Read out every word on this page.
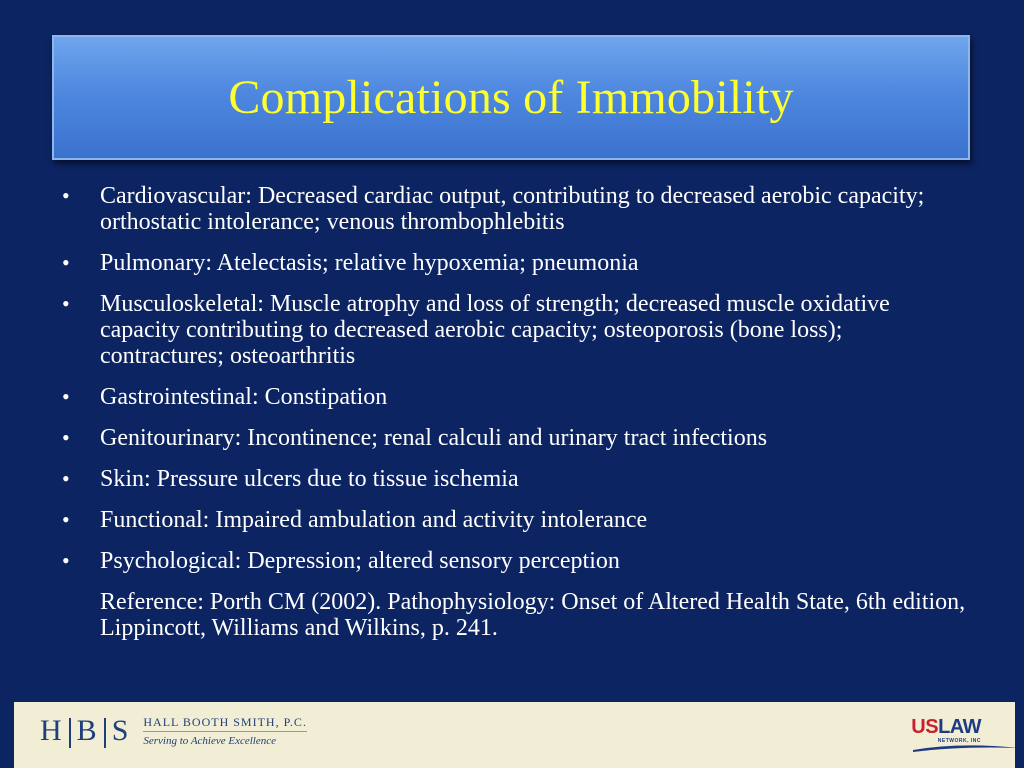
Complications of Immobility
• Cardiovascular: Decreased cardiac output, contributing to decreased aerobic capacity; orthostatic intolerance; venous thrombophlebitis
• Pulmonary: Atelectasis; relative hypoxemia; pneumonia
• Musculoskeletal: Muscle atrophy and loss of strength; decreased muscle oxidative capacity contributing to decreased aerobic capacity; osteoporosis (bone loss); contractures; osteoarthritis
• Gastrointestinal: Constipation
• Genitourinary: Incontinence; renal calculi and urinary tract infections
• Skin: Pressure ulcers due to tissue ischemia
• Functional: Impaired ambulation and activity intolerance
• Psychological: Depression; altered sensory perception
Reference: Porth CM (2002). Pathophysiology: Onset of Altered Health State, 6th edition, Lippincott, Williams and Wilkins, p. 241.
H B S HALL BOOTH SMITH, P.C.
Serving to Achieve Excellence
USLAW
NETWORK, INC
